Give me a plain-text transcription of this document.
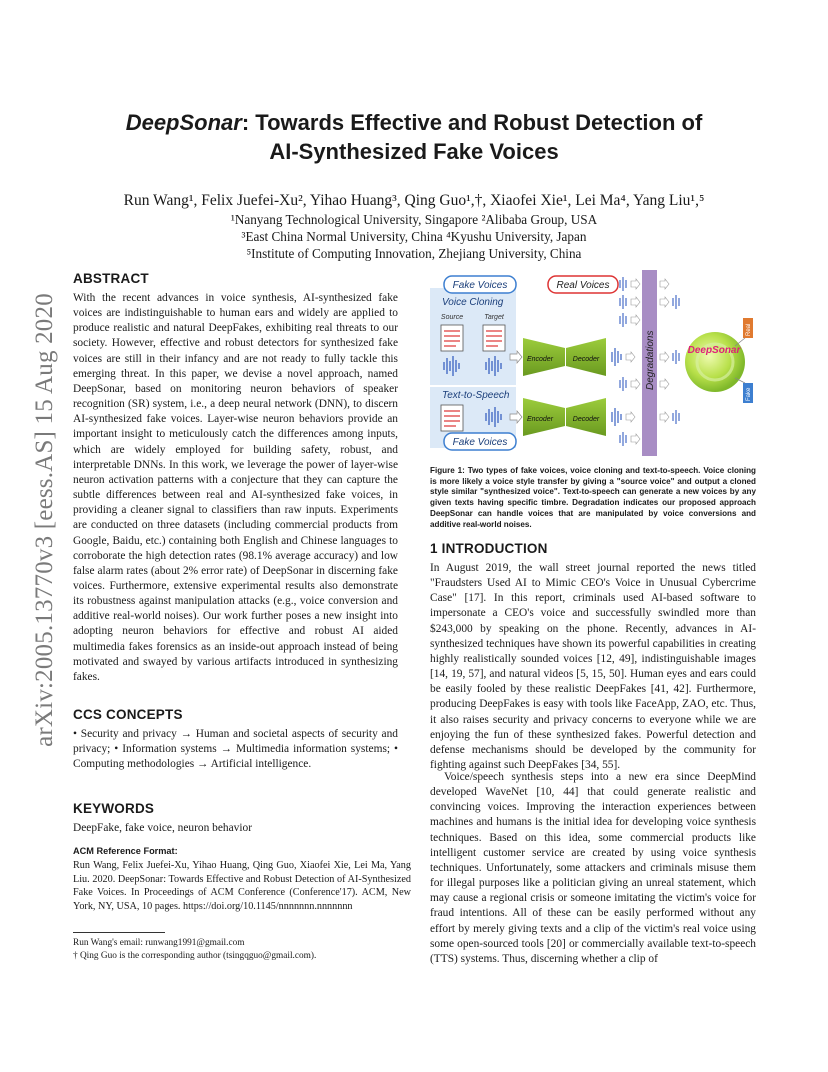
arXiv:2005.13770v3 [eess.AS] 15 Aug 2020
DeepSonar: Towards Effective and Robust Detection of
AI-Synthesized Fake Voices
Run Wang¹, Felix Juefei-Xu², Yihao Huang³, Qing Guo¹,†, Xiaofei Xie¹, Lei Ma⁴, Yang Liu¹,⁵
¹Nanyang Technological University, Singapore ²Alibaba Group, USA
³East China Normal University, China ⁴Kyushu University, Japan
⁵Institute of Computing Innovation, Zhejiang University, China
ABSTRACT
With the recent advances in voice synthesis, AI-synthesized fake voices are indistinguishable to human ears and widely are applied to produce realistic and natural DeepFakes, exhibiting real threats to our society. However, effective and robust detectors for synthesized fake voices are still in their infancy and are not ready to fully tackle this emerging threat. In this paper, we devise a novel approach, named DeepSonar, based on monitoring neuron behaviors of speaker recognition (SR) system, i.e., a deep neural network (DNN), to discern AI-synthesized fake voices. Layer-wise neuron behaviors provide an important insight to meticulously catch the differences among inputs, which are widely employed for building safety, robust, and interpretable DNNs. In this work, we leverage the power of layer-wise neuron activation patterns with a conjecture that they can capture the subtle differences between real and AI-synthesized fake voices, in providing a cleaner signal to classifiers than raw inputs. Experiments are conducted on three datasets (including commercial products from Google, Baidu, etc.) containing both English and Chinese languages to corroborate the high detection rates (98.1% average accuracy) and low false alarm rates (about 2% error rate) of DeepSonar in discerning fake voices. Furthermore, extensive experimental results also demonstrate its robustness against manipulation attacks (e.g., voice conversion and additive real-world noises). Our work further poses a new insight into adopting neuron behaviors for effective and robust AI aided multimedia fakes forensics as an inside-out approach instead of being motivated and swayed by various artifacts introduced in synthesizing fakes.
CCS CONCEPTS
• Security and privacy → Human and societal aspects of security and privacy; • Information systems → Multimedia information systems; • Computing methodologies → Artificial intelligence.
KEYWORDS
DeepFake, fake voice, neuron behavior
ACM Reference Format:
Run Wang, Felix Juefei-Xu, Yihao Huang, Qing Guo, Xiaofei Xie, Lei Ma, Yang Liu. 2020. DeepSonar: Towards Effective and Robust Detection of AI-Synthesized Fake Voices. In Proceedings of ACM Conference (Conference'17). ACM, New York, NY, USA, 10 pages. https://doi.org/10.1145/nnnnnnn.nnnnnnn
Run Wang's email: runwang1991@gmail.com
† Qing Guo is the corresponding author (tsingqguo@gmail.com).
Fake Voices
Voice Cloning
Source	Target
Text-to-Speech
Fake Voices
Encoder	Decoder
Encoder	Decoder
Real Voices
Degradations	DeepSonar
Real
Fake
Figure 1: Two types of fake voices, voice cloning and text-to-speech. Voice cloning is more likely a voice style transfer by giving a "source voice" and output a cloned style similar "synthesized voice". Text-to-speech can generate a new voices by any given texts having specific timbre. Degradation indicates our proposed approach DeepSonar can handle voices that are manipulated by voice conversions and additive real-world noises.
1 INTRODUCTION
In August 2019, the wall street journal reported the news titled "Fraudsters Used AI to Mimic CEO's Voice in Unusual Cybercrime Case" [17]. In this report, criminals used AI-based software to impersonate a CEO's voice and successfully swindled more than $243,000 by speaking on the phone. Recently, advances in AI-synthesized techniques have shown its powerful capabilities in creating highly realistically sounded voices [12, 49], indistinguishable images [14, 19, 57], and natural videos [5, 15, 50]. Human eyes and ears could be easily fooled by these realistic DeepFakes [41, 42]. Furthermore, producing DeepFakes is easy with tools like FaceApp, ZAO, etc. Thus, it also raises security and privacy concerns to everyone while we are enjoying the fun of these synthesized fakes. Powerful detection and defense mechanisms should be developed by the community for fighting against such DeepFakes [34, 55].
Voice/speech synthesis steps into a new era since DeepMind developed WaveNet [10, 44] that could generate realistic and convincing voices. Improving the interaction experiences between machines and humans is the initial idea for developing voice synthesis techniques. Based on this idea, some commercial products like intelligent customer service are created by using voice synthesis techniques. Unfortunately, some attackers and criminals misuse them for illegal purposes like a politician giving an unreal statement, which may cause a regional crisis or someone imitating the victim's voice for fraud intentions. All of these can be easily performed without any effort by merely giving texts and a clip of the victim's real voice using some open-sourced tools [20] or commercially available text-to-speech (TTS) systems. Thus, discerning whether a clip of
